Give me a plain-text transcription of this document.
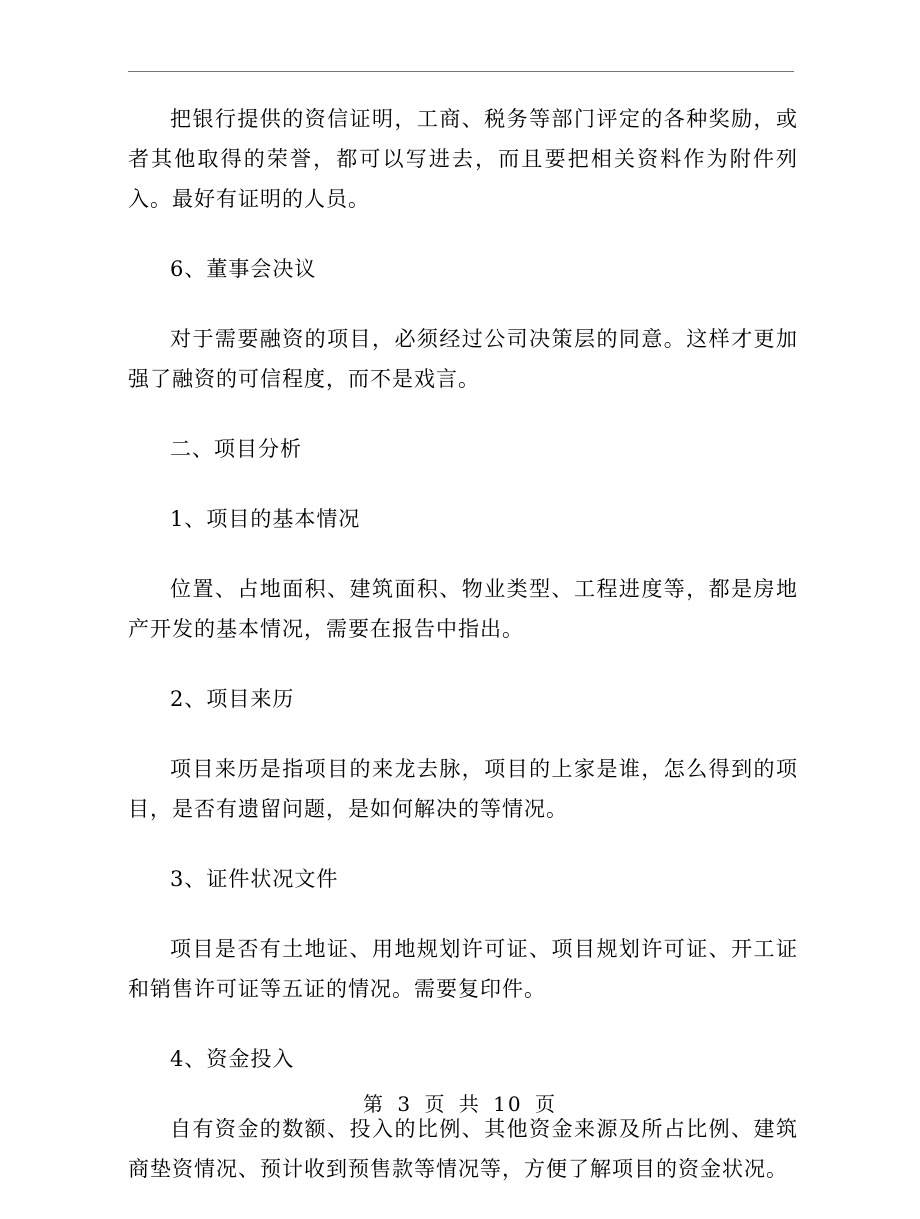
把银行提供的资信证明，工商、税务等部门评定的各种奖励，或者其他取得的荣誉，都可以写进去，而且要把相关资料作为附件列入。最好有证明的人员。

6、董事会决议

对于需要融资的项目，必须经过公司决策层的同意。这样才更加强了融资的可信程度，而不是戏言。

二、项目分析

1、项目的基本情况

位置、占地面积、建筑面积、物业类型、工程进度等，都是房地产开发的基本情况，需要在报告中指出。

2、项目来历

项目来历是指项目的来龙去脉，项目的上家是谁，怎么得到的项目，是否有遗留问题，是如何解决的等情况。

3、证件状况文件

项目是否有土地证、用地规划许可证、项目规划许可证、开工证和销售许可证等五证的情况。需要复印件。

4、资金投入

自有资金的数额、投入的比例、其他资金来源及所占比例、建筑商垫资情况、预计收到预售款等情况等，方便了解项目的资金状况。

第 3 页 共 10 页
